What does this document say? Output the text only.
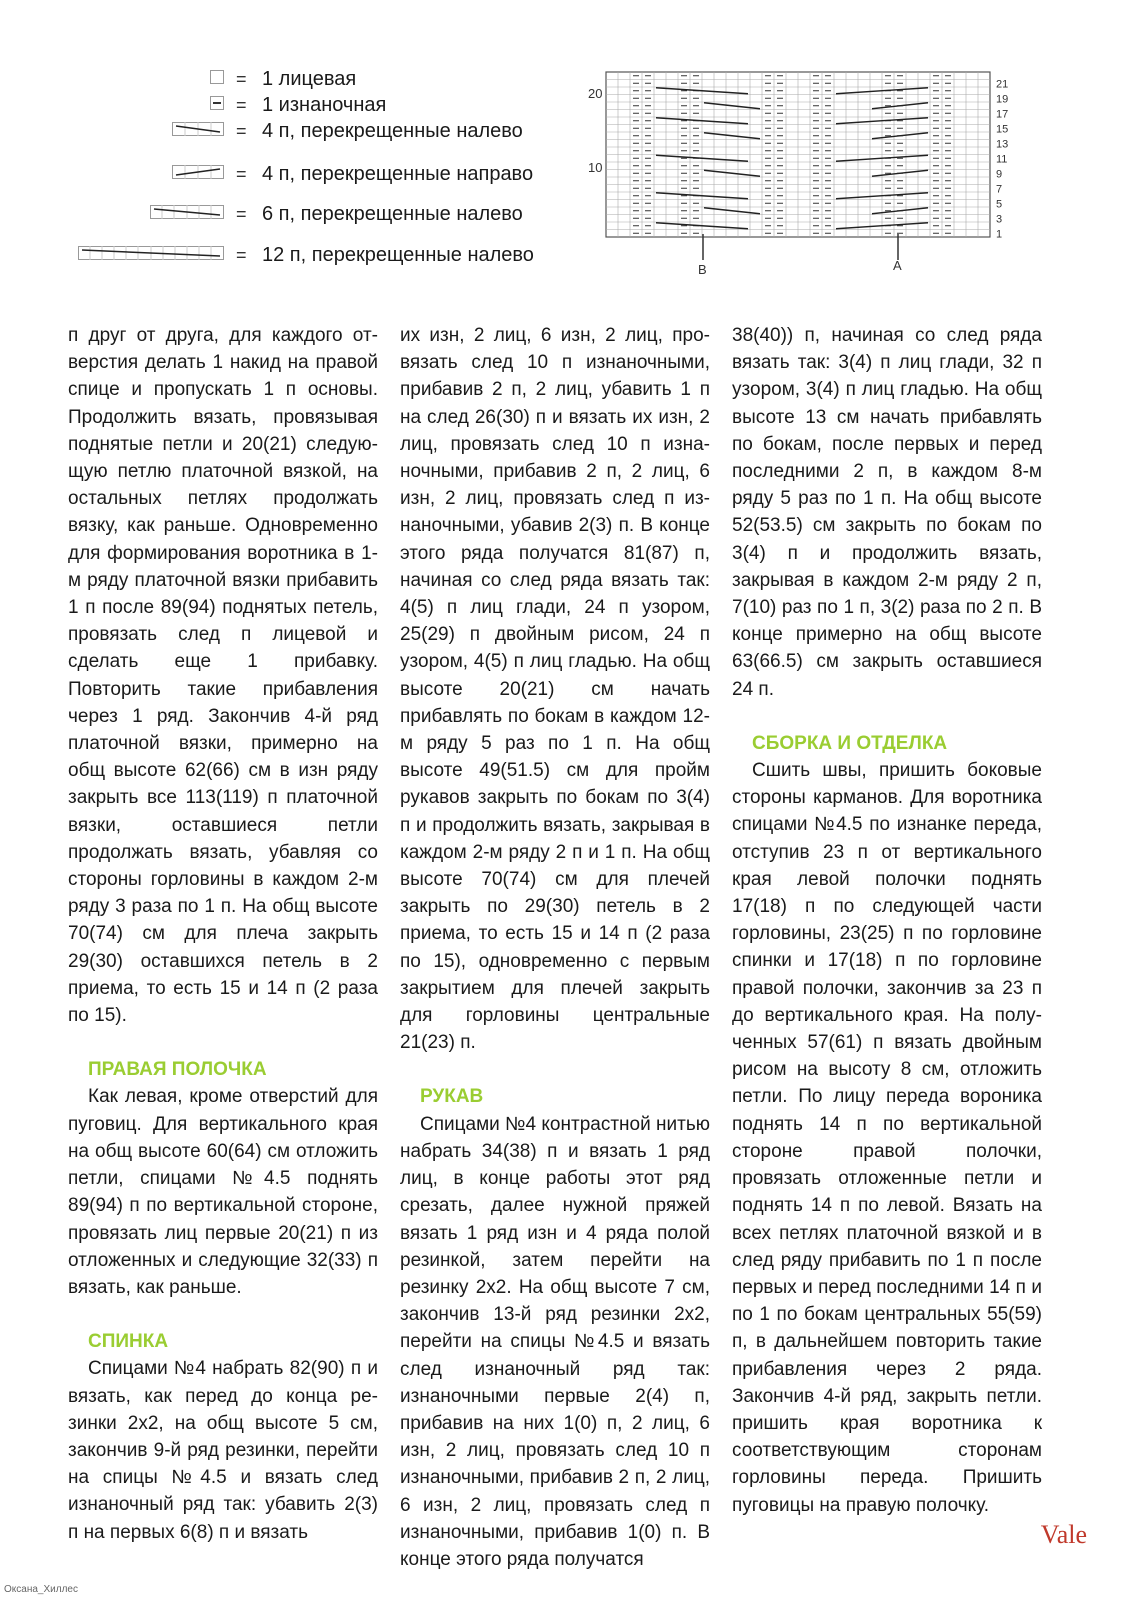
= 1 лицевая
= 1 изнаночная
= 4 п, перекрещенные налево
= 4 п, перекрещенные направо
= 6 п, перекрещенные налево
= 12 п, перекрещенные налево
20
10
21
19
17
15
13
11
9
7
5
3
1
B	A

п друг от друга, для каждого отверстия делать 1 накид на правой спице и пропускать 1 п основы. Продолжить вязать, провязывая поднятые петли и 20(21) следующую петлю платочной вязкой, на остальных петлях продолжать вязку, как раньше. Одновременно для формирования воротника в 1-м ряду платочной вязки прибавить 1 п после 89(94) поднятых петель, провязать след п лицевой и сделать еще 1 прибавку. Повторить такие прибавления через 1 ряд. Закончив 4-й ряд платочной вязки, примерно на общ высоте 62(66) см в изн ряду закрыть все 113(119) п платочной вязки, оставшиеся петли продолжать вязать, убавляя со стороны горловины в каждом 2-м ряду 3 раза по 1 п. На общ высоте 70(74) см для плеча закрыть 29(30) оставшихся петель в 2 приема, то есть 15 и 14 п (2 раза по 15).

ПРАВАЯ ПОЛОЧКА

Как левая, кроме отверстий для пуговиц. Для вертикального края на общ высоте 60(64) см отложить петли, спицами №4.5 поднять 89(94) п по вертикальной стороне, провязать лиц первые 20(21) п из отложенных и следующие 32(33) п вязать, как раньше.

СПИНКА

Спицами №4 набрать 82(90) п и вязать, как перед до конца резинки 2х2, на общ высоте 5 см, закончив 9-й ряд резинки, перейти на спицы №4.5 и вязать след изнаночный ряд так: убавить 2(3) п на первых 6(8) п и вязать

их изн, 2 лиц, 6 изн, 2 лиц, провязать след 10 п изнаночными, прибавив 2 п, 2 лиц, убавить 1 п на след 26(30) п и вязать их изн, 2 лиц, провязать след 10 п изнаночными, прибавив 2 п, 2 лиц, 6 изн, 2 лиц, провязать след п изнаночными, убавив 2(3) п. В конце этого ряда получатся 81(87) п, начиная со след ряда вязать так: 4(5) п лиц глади, 24 п узором, 25(29) п двойным рисом, 24 п узором, 4(5) п лиц гладью. На общ высоте 20(21) см начать прибавлять по бокам в каждом 12-м ряду 5 раз по 1 п. На общ высоте 49(51.5) см для пройм рукавов закрыть по бокам по 3(4) п и продолжить вязать, закрывая в каждом 2-м ряду 2 п и 1 п. На общ высоте 70(74) см для плечей закрыть по 29(30) петель в 2 приема, то есть 15 и 14 п (2 раза по 15), одновременно с первым закрытием для плечей закрыть для горловины центральные 21(23) п.

РУКАВ

Спицами №4 контрастной нитью набрать 34(38) п и вязать 1 ряд лиц, в конце работы этот ряд срезать, далее нужной пряжей вязать 1 ряд изн и 4 ряда полой резинкой, затем перейти на резинку 2х2. На общ высоте 7 см, закончив 13-й ряд резинки 2х2, перейти на спицы №4.5 и вязать след изнаночный ряд так: изнаночными первые 2(4) п, прибавив на них 1(0) п, 2 лиц, 6 изн, 2 лиц, провязать след 10 п изнаночными, прибавив 2 п, 2 лиц, 6 изн, 2 лиц, провязать след п изнаночными, прибавив 1(0) п. В конце этого ряда получатся

38(40)) п, начиная со след ряда вязать так: 3(4) п лиц глади, 32 п узором, 3(4) п лиц гладью. На общ высоте 13 см начать прибавлять по бокам, после первых и перед последними 2 п, в каждом 8-м ряду 5 раз по 1 п. На общ высоте 52(53.5) см закрыть по бокам по 3(4) п и продолжить вязать, закрывая в каждом 2-м ряду 2 п, 7(10) раз по 1 п, 3(2) раза по 2 п. В конце примерно на общ высоте 63(66.5) см закрыть оставшиеся 24 п.

СБОРКА И ОТДЕЛКА

Сшить швы, пришить боковые стороны карманов. Для воротника спицами №4.5 по изнанке переда, отступив 23 п от вертикального края левой полочки поднять 17(18) п по следующей части горловины, 23(25) п по горловине спинки и 17(18) п по горловине правой полочки, закончив за 23 п до вертикального края. На полученных 57(61) п вязать двойным рисом на высоту 8 см, отложить петли. По лицу переда вороника поднять 14 п по вертикальной стороне правой полочки, провязать отложенные петли и поднять 14 п по левой. Вязать на всех петлях платочной вязкой и в след ряду прибавить по 1 п после первых и перед последними 14 п и по 1 по бокам центральных 55(59) п, в дальнейшем повторить такие прибавления через 2 ряда. Закончив 4-й ряд, закрыть петли. пришить края воротника к соответствующим сторонам горловины переда. Пришить пуговицы на правую полочку.

Vale
Оксана_Хиллес
